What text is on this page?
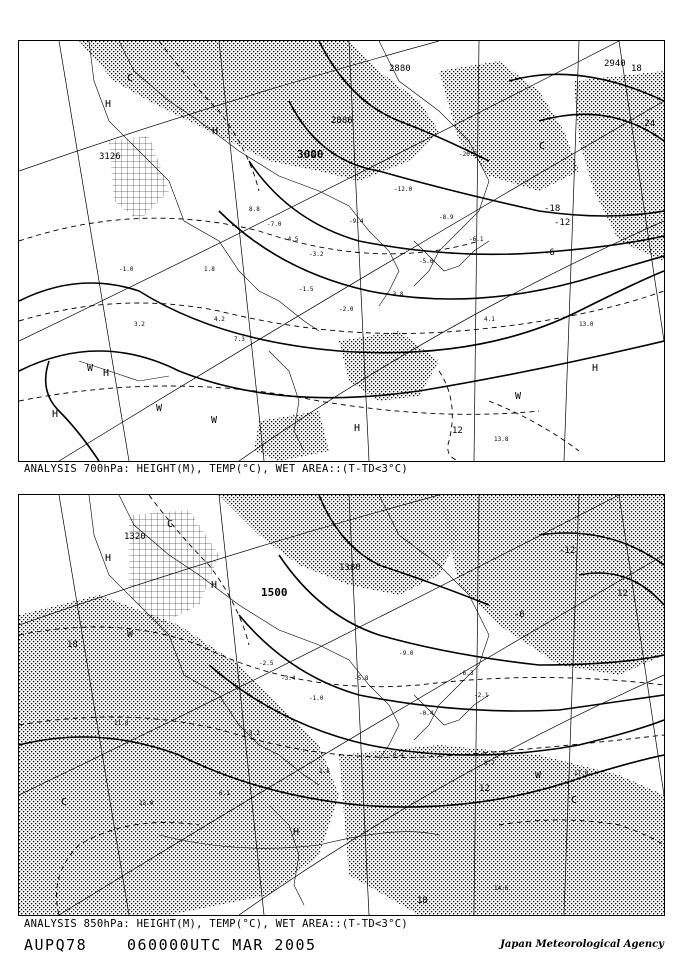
8.8
-7.0
-4.5
-3.2
-9.4
-12.0
-8.9
-6.1
-5.6
-3.8
-2.0
-1.5
1.8
4.2
7.3
3.2
-1.0
13.0
13.8
4.1
-20.7
3000
2886
3126
2940
2880
-12
-18
-6
12
18
-24
H
H
H
H
H
H
C
C
W
W
W
W
ANALYSIS 700hPa: HEIGHT(M), TEMP(°C), WET AREA::(T-TD<3°C)
-2.5
-3.4
-1.0
-5.8
-9.0
-6.3
-2.1
-0.4
-0.4
1.8
5.2
6.1
13.0
11.8
17.0
14.6
8.7
1500
1380
1320
18
12
-12
-6
18
12
H
H
H
C
C
C
W
W
ANALYSIS 850hPa: HEIGHT(M), TEMP(°C), WET AREA::(T-TD<3°C)
AUPQ78	060000UTC MAR 2005	Japan Meteorological Agency
